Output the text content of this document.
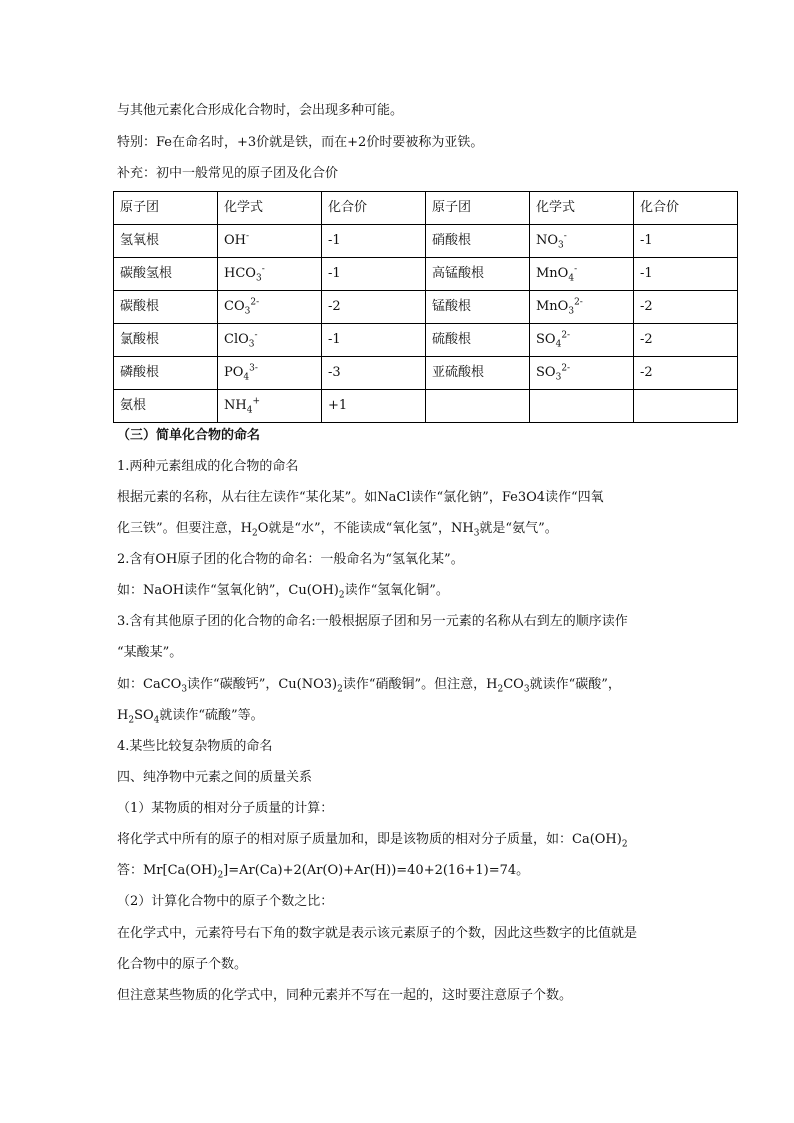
与其他元素化合形成化合物时，会出现多种可能。
特别：Fe在命名时，+3价就是铁，而在+2价时要被称为亚铁。
补充：初中一般常见的原子团及化合价
原子团	化学式	化合价	原子团	化学式	化合价
氢氧根	OH-	-1	硝酸根	$NO_3^-$	-1
碳酸氢根	$HCO_3^-$	-1	高锰酸根	MnO$_4$-	-1
碳酸根	$CO_3^{2-}$	-2	锰酸根	MnO$_3^{2-}$	-2
氯酸根	ClO$_3$-	-1	硫酸根	$SO_4^{2-}$	-2
磷酸根	$PO_4^{3-}$	-3	亚硫酸根	$SO_3^{2-}$	-2
氨根	$NH_4^+$	+1			
（三）简单化合物的命名
1.两种元素组成的化合物的命名
根据元素的名称，从右往左读作“某化某”。如NaCl读作“氯化钠”，Fe3O4读作“四氧
化三铁”。但要注意，$H_2O$就是“水”，不能读成“氧化氢”，$NH_3$就是“氨气”。
2.含有OH原子团的化合物的命名：一般命名为“氢氧化某”。
如：NaOH读作“氢氧化钠”，$Cu(OH)_2$读作“氢氧化铜”。
3.含有其他原子团的化合物的命名:一般根据原子团和另一元素的名称从右到左的顺序读作
“某酸某”。
如：CaCO$_3$读作“碳酸钙”，$Cu(NO3)_2$读作“硝酸铜”。但注意，$H_2CO_3$就读作“碳酸”，
$H_2SO_4$就读作“硫酸”等。
4.某些比较复杂物质的命名
四、纯净物中元素之间的质量关系
（1）某物质的相对分子质量的计算：
将化学式中所有的原子的相对原子质量加和，即是该物质的相对分子质量，如：$Ca(OH)_2$
答：$Mr[Ca(OH)_2]=Ar(Ca)+2(Ar(O)+Ar(H))=40+2(16+1)=74$。
（2）计算化合物中的原子个数之比：
在化学式中，元素符号右下角的数字就是表示该元素原子的个数，因此这些数字的比值就是
化合物中的原子个数。
但注意某些物质的化学式中，同种元素并不写在一起的，这时要注意原子个数。
